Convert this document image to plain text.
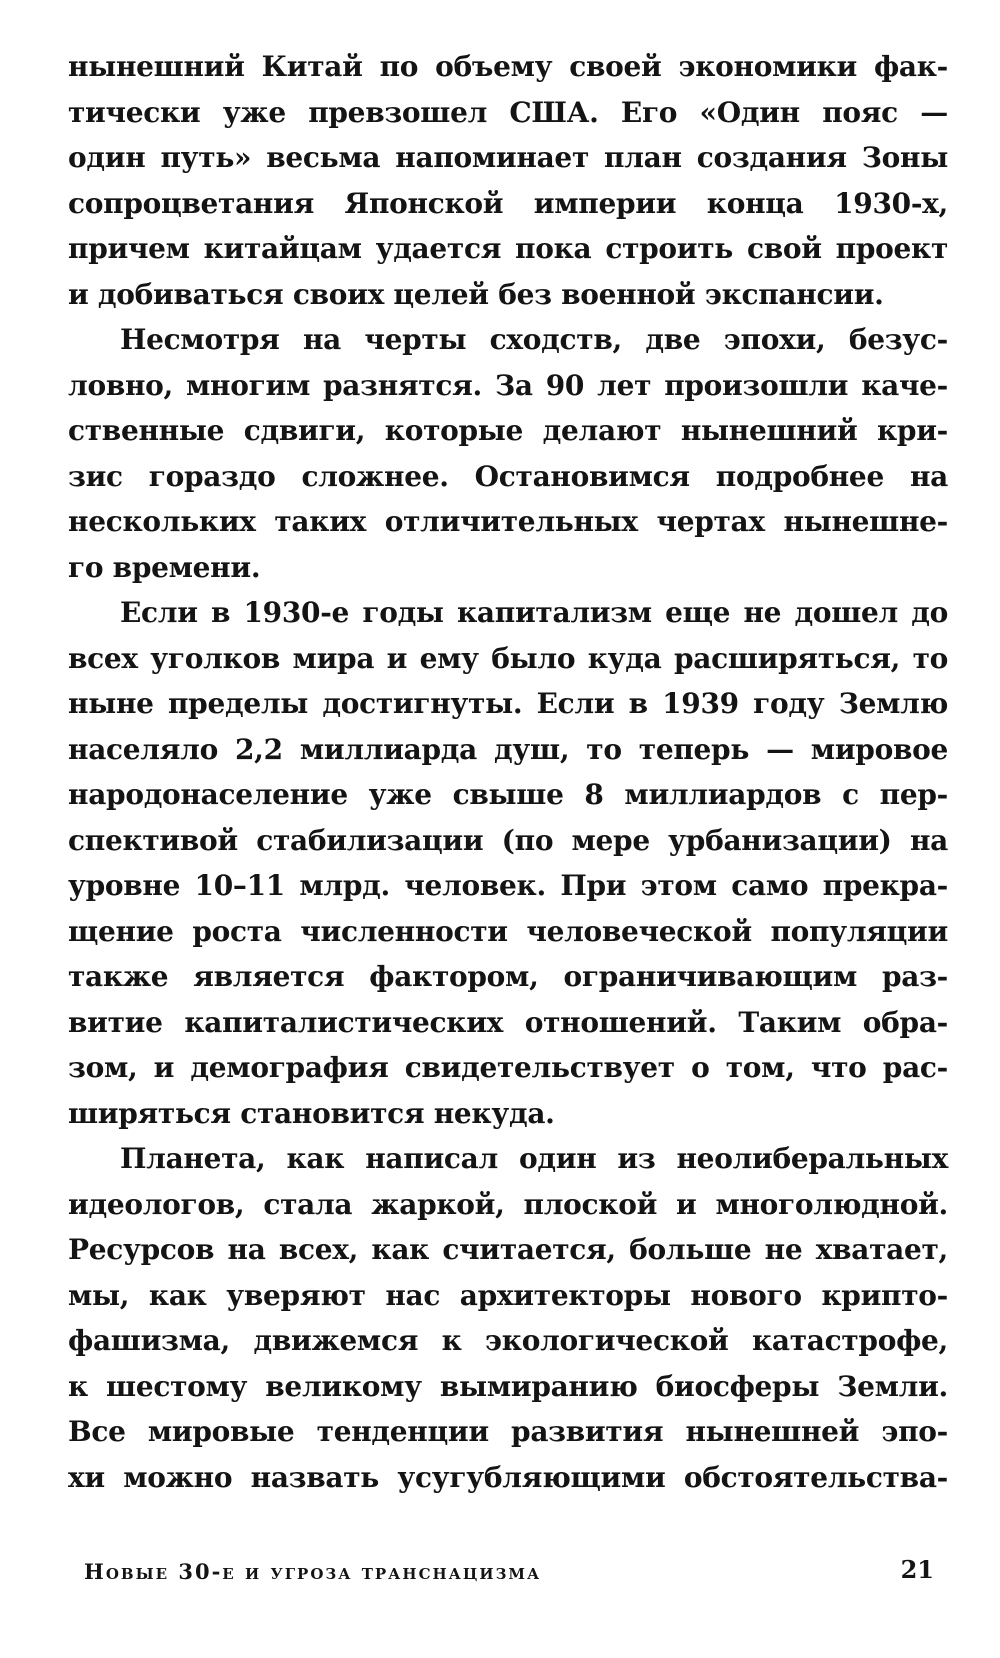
нынешний Китай по объему своей экономики фак-
тически уже превзошел США. Его «Один пояс —
один путь» весьма напоминает план создания Зоны
сопроцветания Японской империи конца 1930-х,
причем китайцам удается пока строить свой проект
и добиваться своих целей без военной экспансии.
Несмотря на черты сходств, две эпохи, безус-
ловно, многим разнятся. За 90 лет произошли каче-
ственные сдвиги, которые делают нынешний кри-
зис гораздо сложнее. Остановимся подробнее на
нескольких таких отличительных чертах нынешне-
го времени.
Если в 1930-е годы капитализм еще не дошел до
всех уголков мира и ему было куда расширяться, то
ныне пределы достигнуты. Если в 1939 году Землю
населяло 2,2 миллиарда душ, то теперь — мировое
народонаселение уже свыше 8 миллиардов с пер-
спективой стабилизации (по мере урбанизации) на
уровне 10–11 млрд. человек. При этом само прекра-
щение роста численности человеческой популяции
также является фактором, ограничивающим раз-
витие капиталистических отношений. Таким обра-
зом, и демография свидетельствует о том, что рас-
ширяться становится некуда.
Планета, как написал один из неолиберальных
идеологов, стала жаркой, плоской и многолюдной.
Ресурсов на всех, как считается, больше не хватает,
мы, как уверяют нас архитекторы нового крипто-
фашизма, движемся к экологической катастрофе,
к шестому великому вымиранию биосферы Земли.
Все мировые тенденции развития нынешней эпо-
хи можно назвать усугубляющими обстоятельства-
Новые 30-е и угроза транснацизма	21
